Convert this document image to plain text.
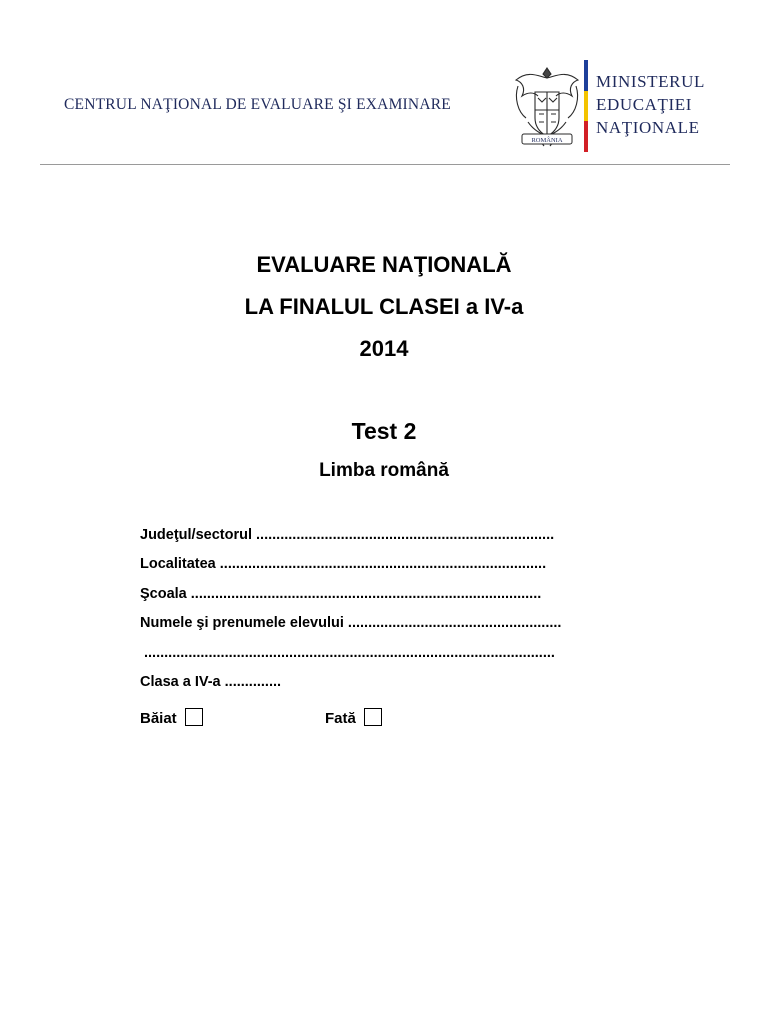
CENTRUL NAŢIONAL DE EVALUARE ŞI EXAMINARE
ROMÂNIA
MINISTERUL
EDUCAŢIEI
NAŢIONALE
EVALUARE NAŢIONALĂ
LA FINALUL CLASEI a IV-a
2014
Test 2
Limba română
Judeţul/sectorul ..........................................................................
Localitatea .................................................................................
Şcoala .......................................................................................
Numele şi prenumele elevului .....................................................
......................................................................................................
Clasa a IV-a ..............
Băiat	Fată
